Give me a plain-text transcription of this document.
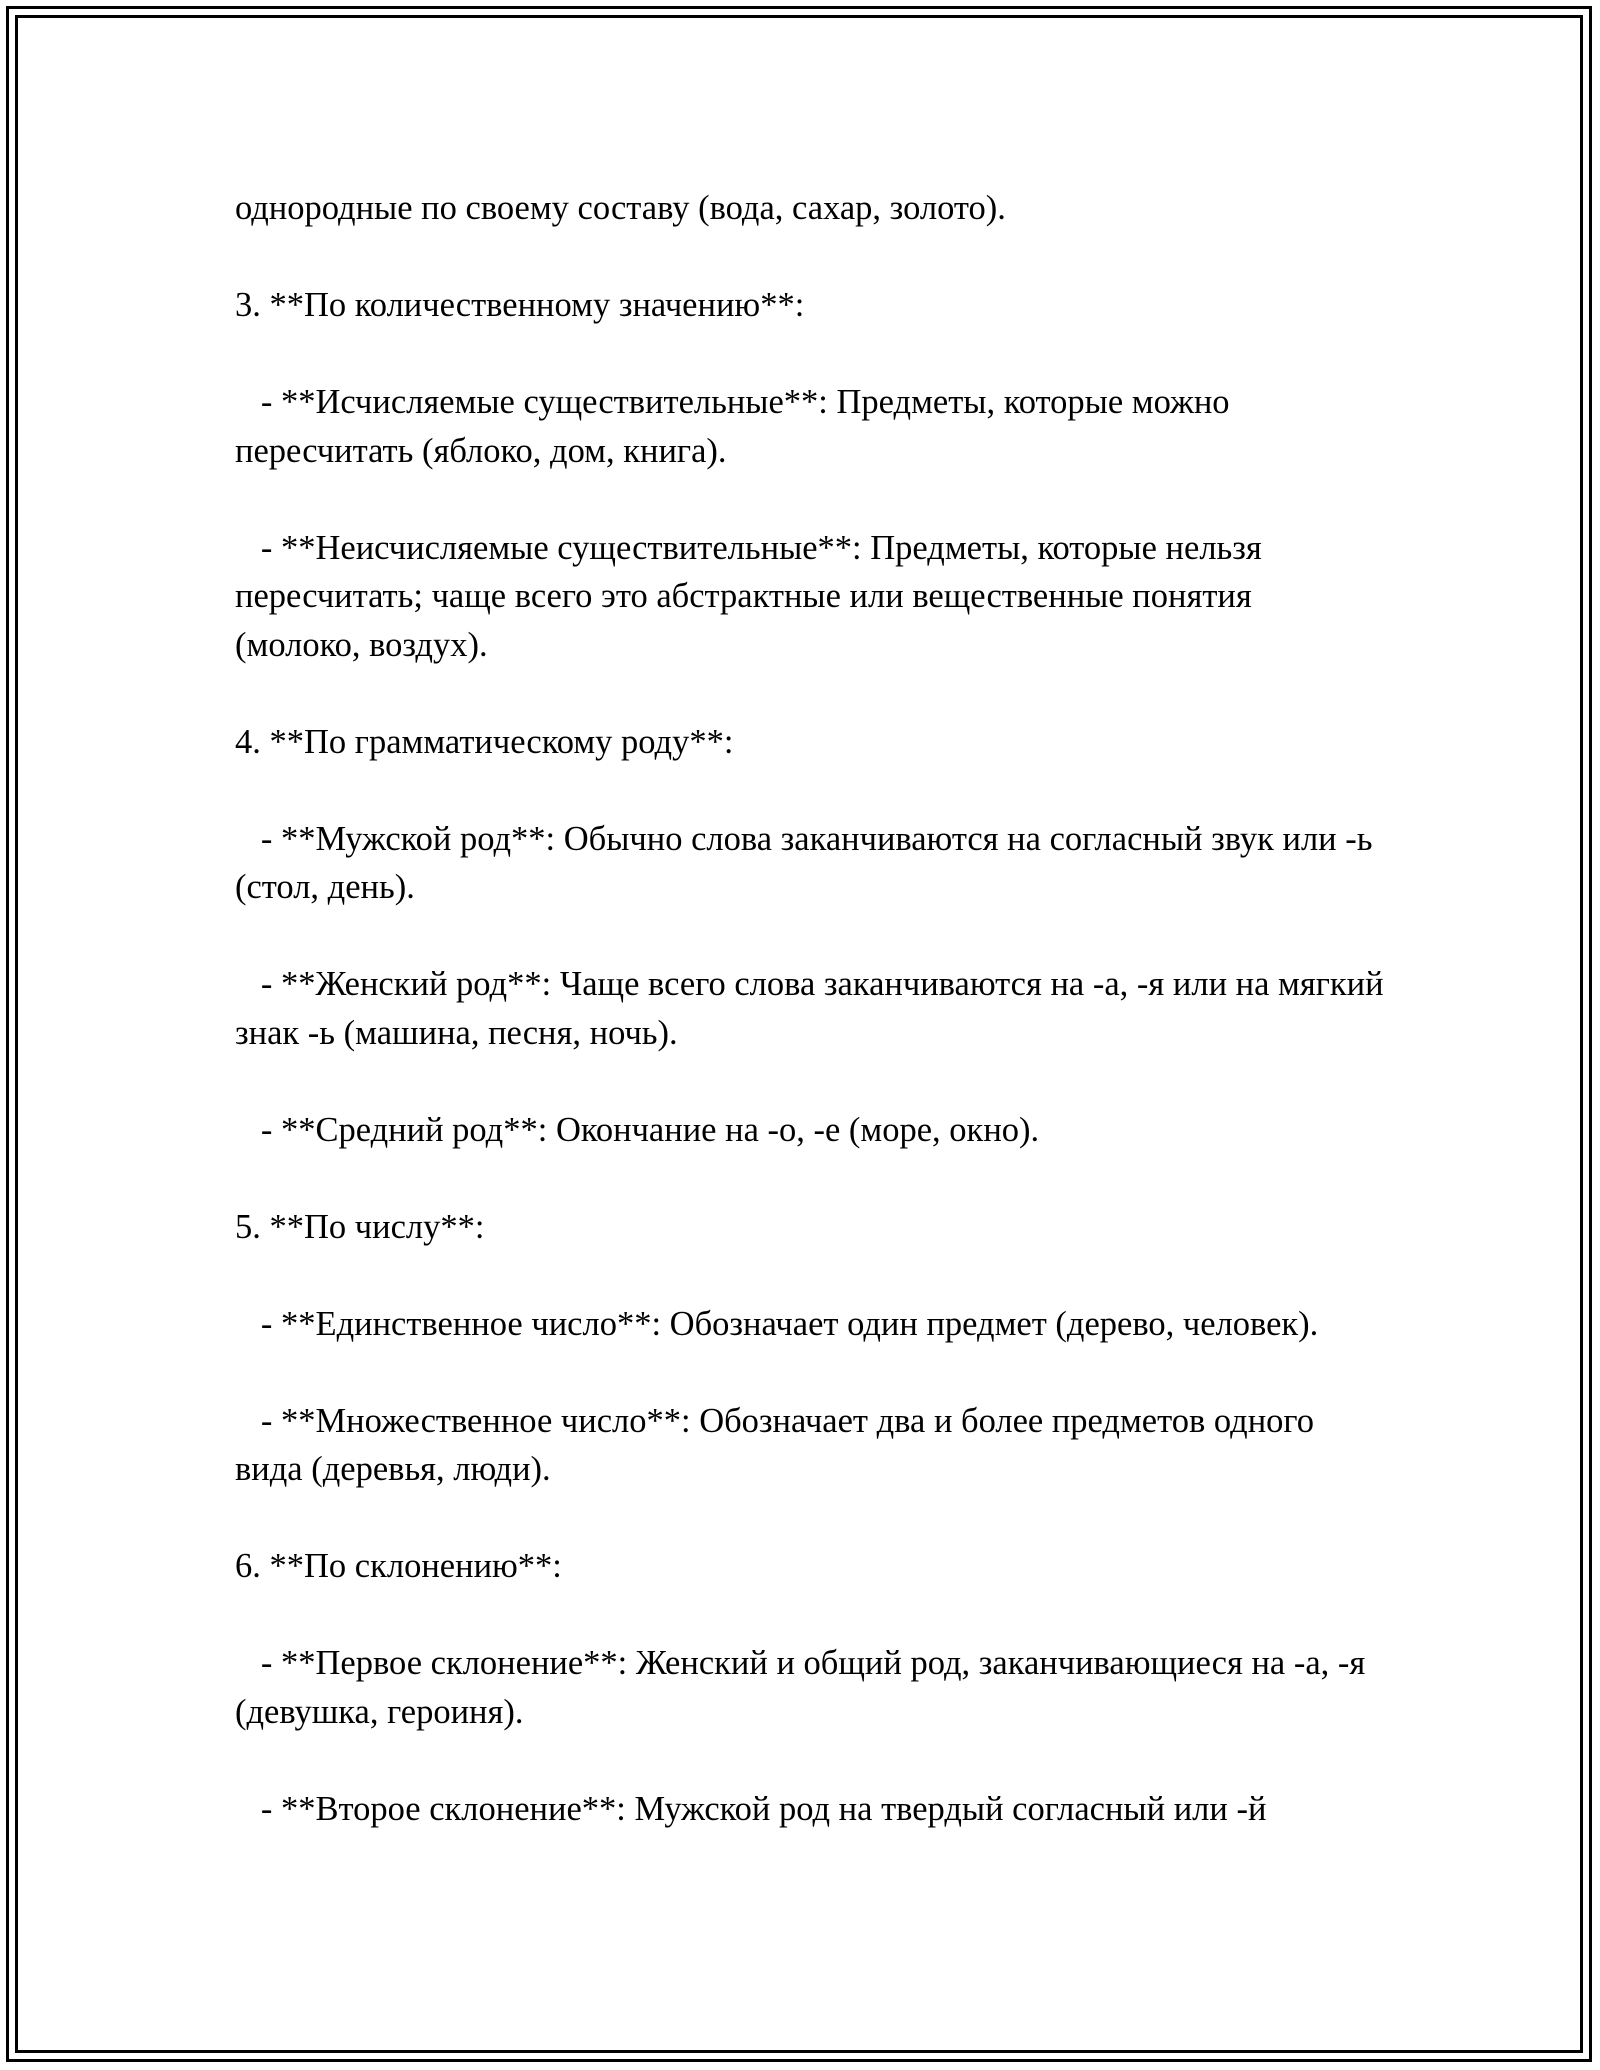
однородные по своему составу (вода, сахар, золото).

3. **По количественному значению**:

- **Исчисляемые существительные**: Предметы, которые можно пересчитать (яблоко, дом, книга).

- **Неисчисляемые существительные**: Предметы, которые нельзя пересчитать; чаще всего это абстрактные или вещественные понятия (молоко, воздух).

4. **По грамматическому роду**:

- **Мужской род**: Обычно слова заканчиваются на согласный звук или -ь (стол, день).

- **Женский род**: Чаще всего слова заканчиваются на -а, -я или на мягкий знак -ь (машина, песня, ночь).

- **Средний род**: Окончание на -о, -е (море, окно).

5. **По числу**:

- **Единственное число**: Обозначает один предмет (дерево, человек).

- **Множественное число**: Обозначает два и более предметов одного вида (деревья, люди).

6. **По склонению**:

- **Первое склонение**: Женский и общий род, заканчивающиеся на -а, -я (девушка, героиня).

- **Второе склонение**: Мужской род на твердый согласный или -й
